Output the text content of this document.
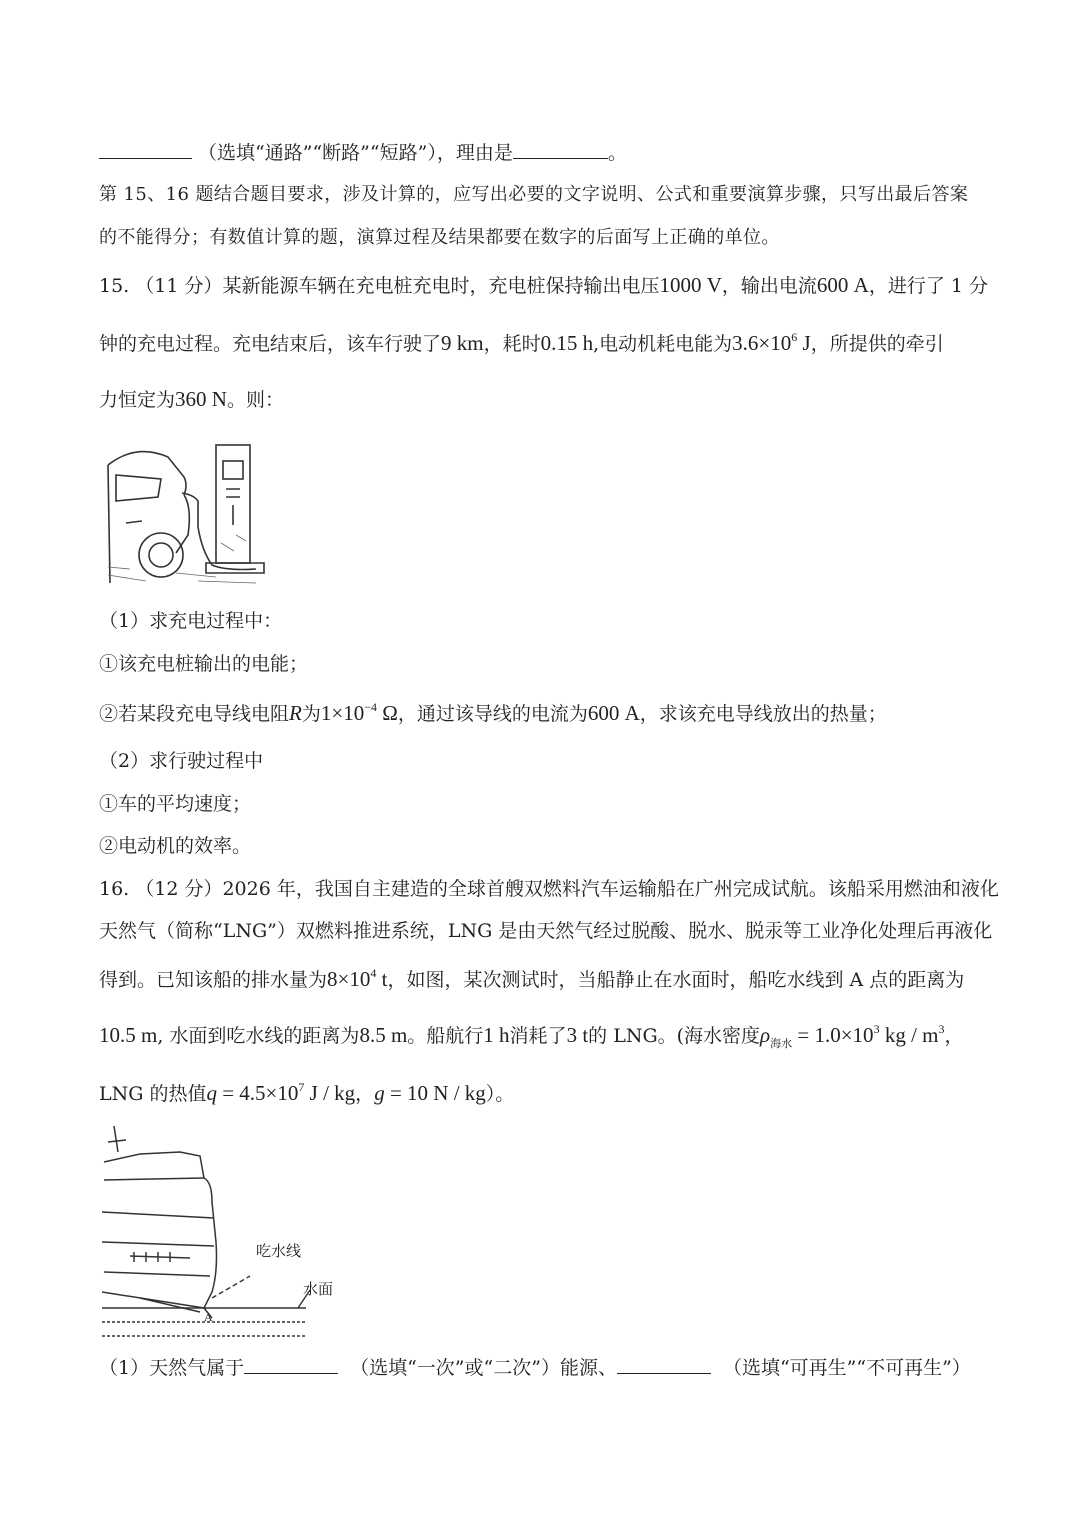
（选填“通路”“断路”“短路”），理由是	。
第 15、16 题结合题目要求，涉及计算的，应写出必要的文字说明、公式和重要演算步骤，只写出最后答案
的不能得分；有数值计算的题，演算过程及结果都要在数字的后面写上正确的单位。
15. （11 分）某新能源车辆在充电桩充电时，充电桩保持输出电压1000 V，输出电流600 A，进行了 1 分
钟的充电过程。充电结束后，该车行驶了9 km，耗时0.15 h,电动机耗电能为$3.6\times 10^6$ J，所提供的牵引
力恒定为360 N。则：
（1）求充电过程中：
①该充电桩输出的电能；
②若某段充电导线电阻R为$1\times 10^{-4}$ Ω，通过该导线的电流为600 A，求该充电导线放出的热量；
（2）求行驶过程中
①车的平均速度；
②电动机的效率。
16. （12 分）2026 年，我国自主建造的全球首艘双燃料汽车运输船在广州完成试航。该船采用燃油和液化
天然气（简称“LNG”）双燃料推进系统，LNG 是由天然气经过脱酸、脱水、脱汞等工业净化处理后再液化
得到。已知该船的排水量为$8\times 10^4$ t，如图，某次测试时，当船静止在水面时，船吃水线到 A 点的距离为
10.5 m, 水面到吃水线的距离为8.5 m。船航行1 h消耗了3 t的 LNG。(海水密度$\rho_{海水} = 1.0\times 10^3$ kg / $m^3$，
LNG 的热值$q = 4.5\times 10^7$ J / kg，g = 10 N / kg）。
吃水线
水面
A
（1）天然气属于	（选填“一次”或“二次”）能源、	（选填“可再生”“不可再生”）
